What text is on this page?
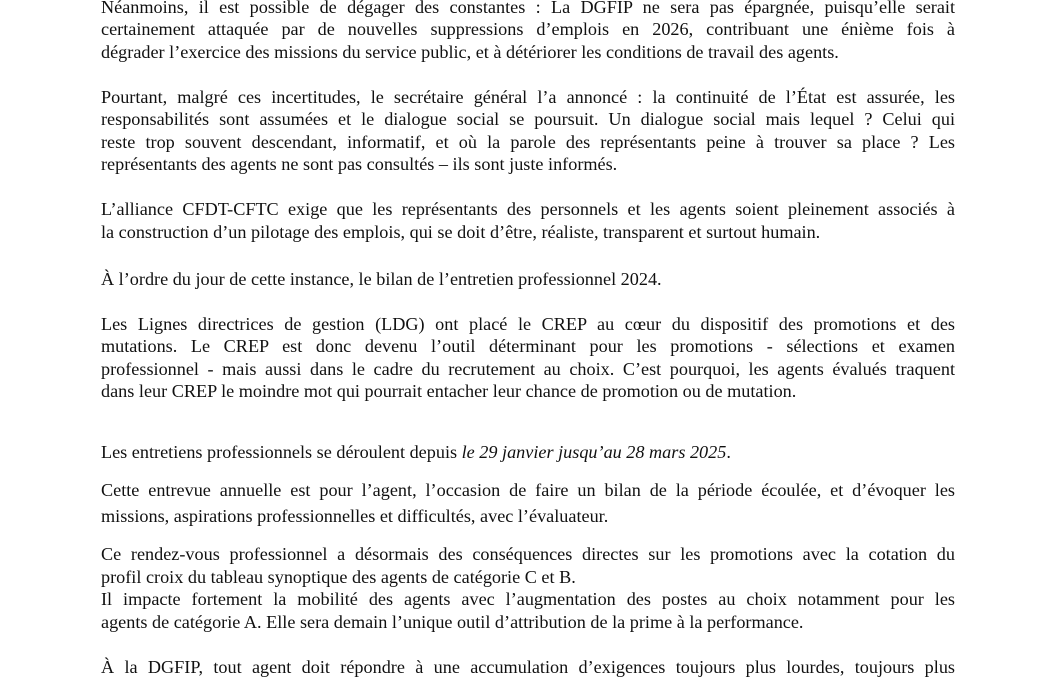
Néanmoins, il est possible de dégager des constantes : La DGFIP ne sera pas épargnée, puisqu’elle serait
certainement attaquée par de nouvelles suppressions d’emplois en 2026, contribuant une énième fois à
dégrader l’exercice des missions du service public, et à détériorer les conditions de travail des agents.
Pourtant, malgré ces incertitudes, le secrétaire général l’a annoncé : la continuité de l’État est assurée, les
responsabilités sont assumées et le dialogue social se poursuit. Un dialogue social mais lequel ? Celui qui
reste trop souvent descendant, informatif, et où la parole des représentants peine à trouver sa place ? Les
représentants des agents ne sont pas consultés – ils sont juste informés.
L’alliance CFDT-CFTC exige que les représentants des personnels et les agents soient pleinement associés à
la construction d’un pilotage des emplois, qui se doit d’être, réaliste, transparent et surtout humain.
À l’ordre du jour de cette instance, le bilan de l’entretien professionnel 2024.
Les Lignes directrices de gestion (LDG) ont placé le CREP au cœur du dispositif des promotions et des
mutations. Le CREP est donc devenu l’outil déterminant pour les promotions - sélections et examen
professionnel - mais aussi dans le cadre du recrutement au choix. C’est pourquoi, les agents évalués traquent
dans leur CREP le moindre mot qui pourrait entacher leur chance de promotion ou de mutation.
Les entretiens professionnels se déroulent depuis le 29 janvier jusqu’au 28 mars 2025.
Cette entrevue annuelle est pour l’agent, l’occasion de faire un bilan de la période écoulée, et d’évoquer les
missions, aspirations professionnelles et difficultés, avec l’évaluateur.
Ce rendez-vous professionnel a désormais des conséquences directes sur les promotions avec la cotation du
profil croix du tableau synoptique des agents de catégorie C et B.
Il impacte fortement la mobilité des agents avec l’augmentation des postes au choix notamment pour les
agents de catégorie A. Elle sera demain l’unique outil d’attribution de la prime à la performance.
À la DGFIP, tout agent doit répondre à une accumulation d’exigences toujours plus lourdes, toujours plus
